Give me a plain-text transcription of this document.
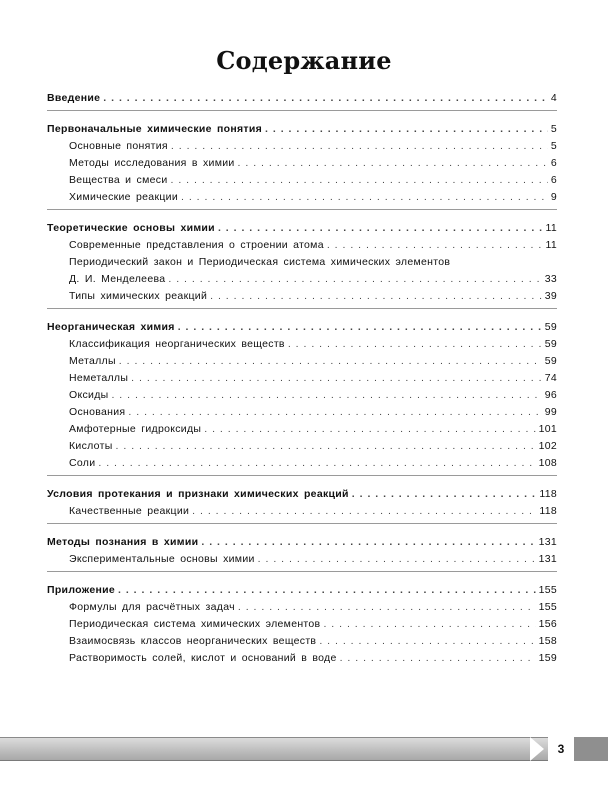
Содержание
Введение . . .	4
Первоначальные химические понятия . . .	5
Основные понятия . . .	5
Методы исследования в химии . . .	6
Вещества и смеси . . .	6
Химические реакции . . .	9
Теоретические основы химии . . .	11
Современные представления о строении атома . . .	11
Периодический закон и Периодическая система химических элементов
Д. И. Менделеева . . .	33
Типы химических реакций . . .	39
Неорганическая химия . . .	59
Классификация неорганических веществ . . .	59
Металлы . . .	59
Неметаллы . . .	74
Оксиды . . .	96
Основания . . .	99
Амфотерные гидроксиды . . .	101
Кислоты . . .	102
Соли . . .	108
Условия протекания и признаки химических реакций . . .	118
Качественные реакции . . .	118
Методы познания в химии . . .	131
Экспериментальные основы химии . . .	131
Приложение . . .	155
Формулы для расчётных задач . . .	155
Периодическая система химических элементов . . .	156
Взаимосвязь классов неорганических веществ . . .	158
Растворимость солей, кислот и оснований в воде . . .	159
3
